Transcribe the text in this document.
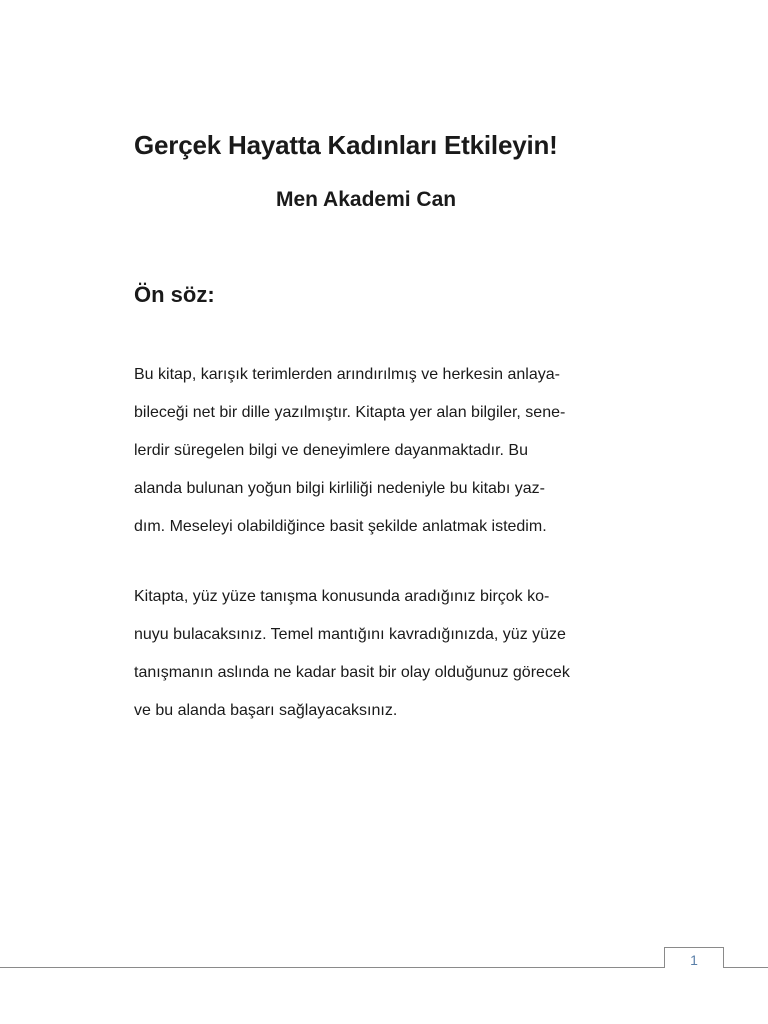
Gerçek Hayatta Kadınları Etkileyin!
Men Akademi Can
Ön söz:
Bu kitap, karışık terimlerden arındırılmış ve herkesin anlaya-
bileceği net bir dille yazılmıştır. Kitapta yer alan bilgiler, sene-
lerdir süregelen bilgi ve deneyimlere dayanmaktadır. Bu
alanda bulunan yoğun bilgi kirliliği nedeniyle bu kitabı yaz-
dım. Meseleyi olabildiğince basit şekilde anlatmak istedim.
Kitapta, yüz yüze tanışma konusunda aradığınız birçok ko-
nuyu bulacaksınız. Temel mantığını kavradığınızda, yüz yüze
tanışmanın aslında ne kadar basit bir olay olduğunuz görecek
ve bu alanda başarı sağlayacaksınız.
1
